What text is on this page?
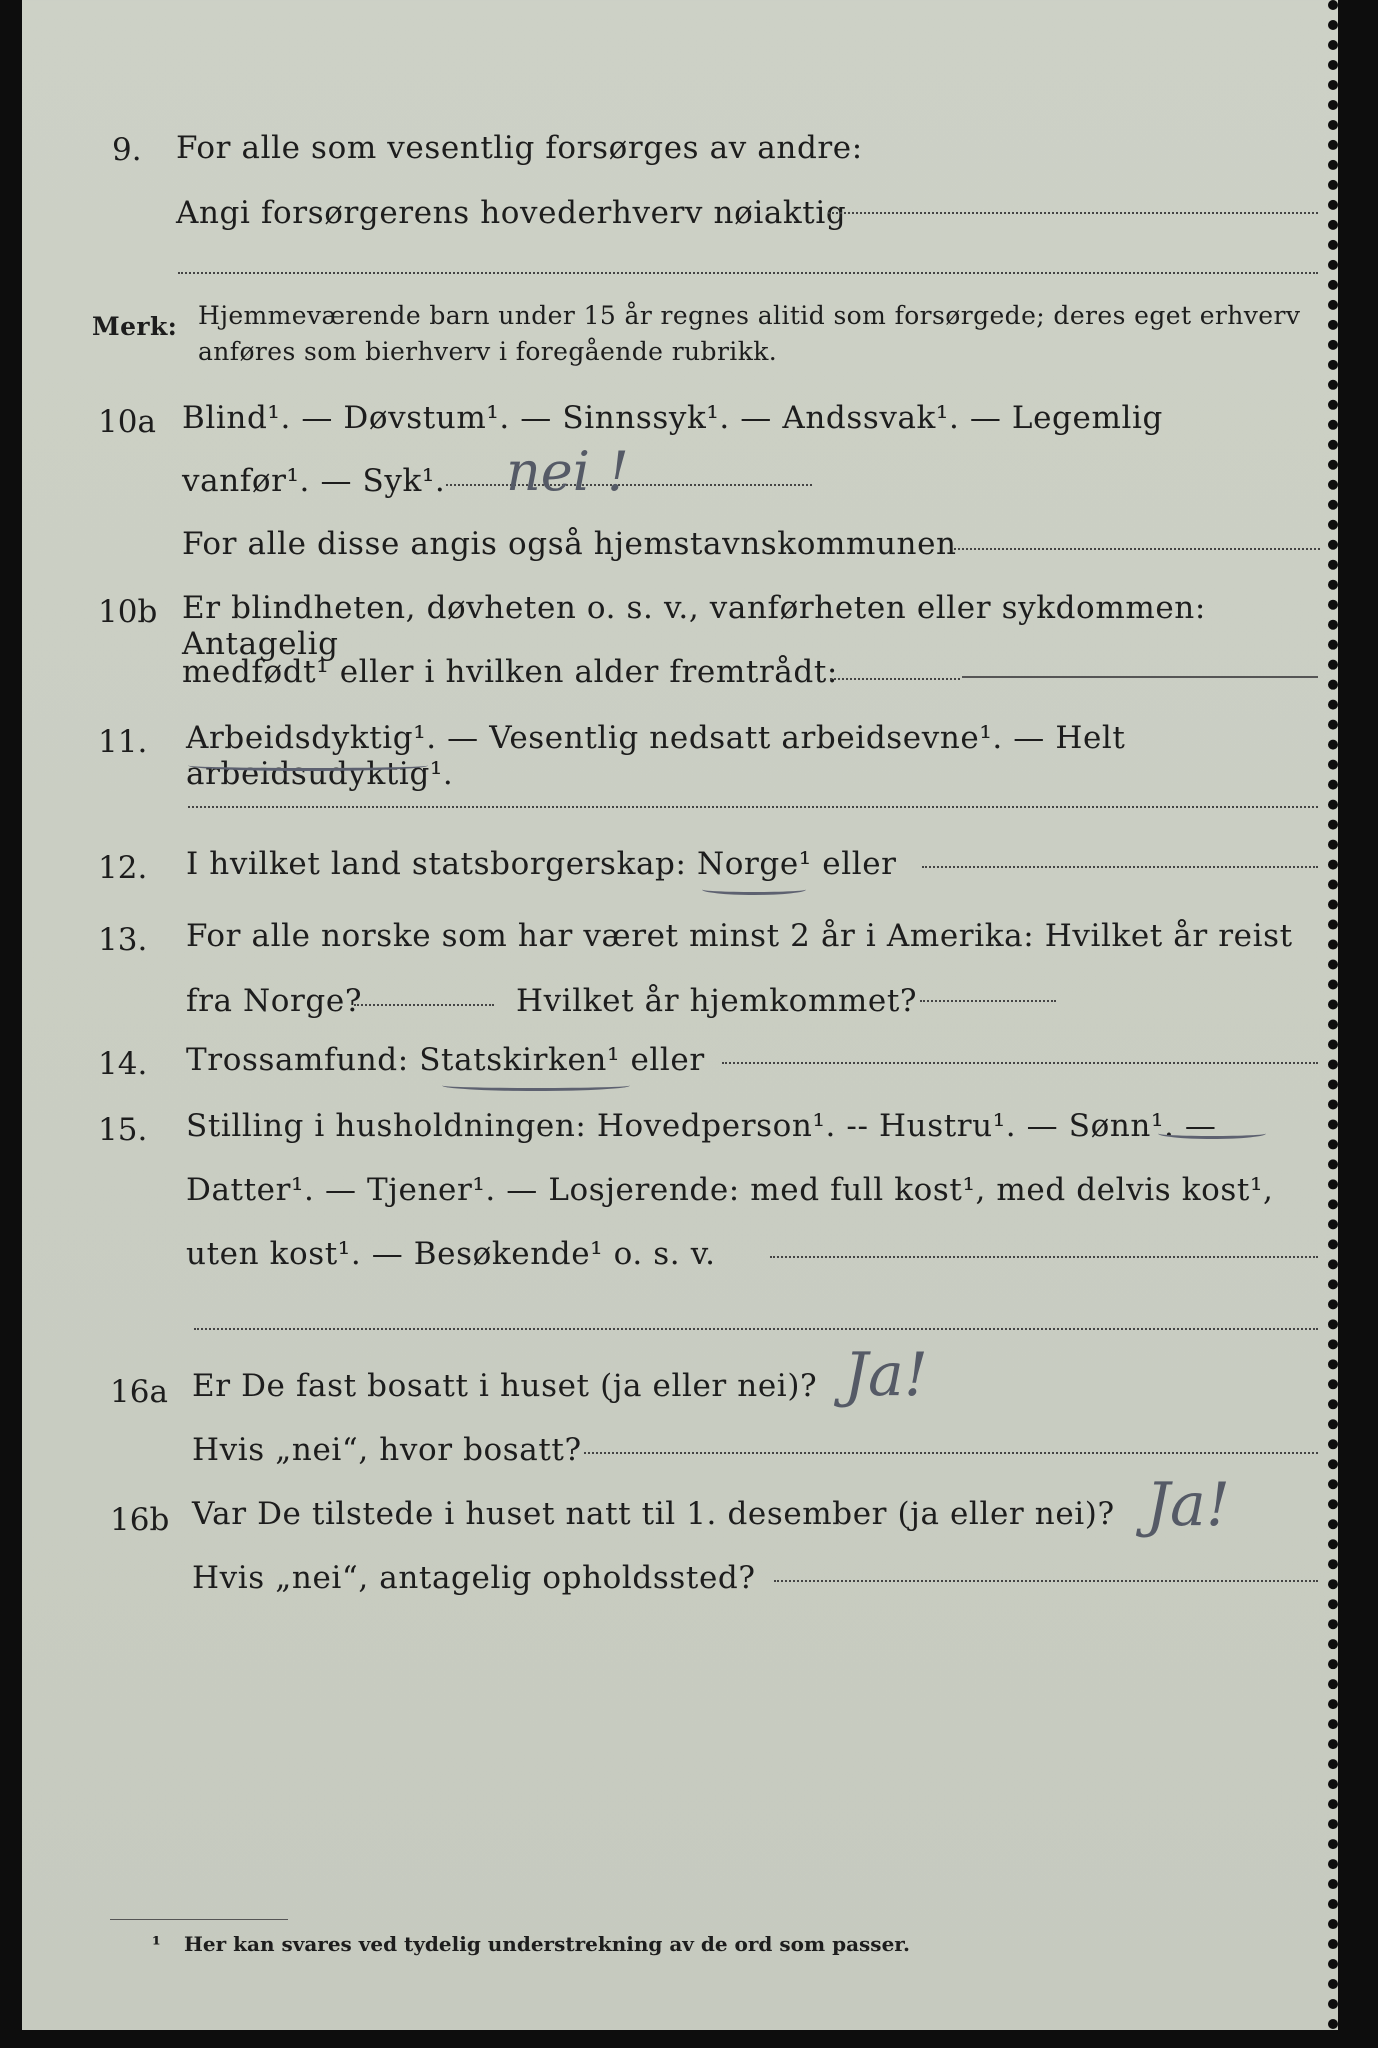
9. For alle som vesentlig forsørges av andre:
Angi forsørgerens hovederhverv nøiaktig
Merk: Hjemmeværende barn under 15 år regnes alitid som forsørgede; deres eget erhverv
anføres som bierhverv i foregående rubrikk.
10a Blind¹. — Døvstum¹. — Sinnssyk¹. — Andssvak¹. — Legemlig
vanfør¹. — Syk¹. nei !
For alle disse angis også hjemstavnskommunen
10b Er blindheten, døvheten o. s. v., vanførheten eller sykdommen: Antagelig
medfødt¹ eller i hvilken alder fremtrådt:
11. Arbeidsdyktig¹. — Vesentlig nedsatt arbeidsevne¹. — Helt arbeidsudyktig¹.
12. I hvilket land statsborgerskap: Norge¹ eller
13. For alle norske som har været minst 2 år i Amerika: Hvilket år reist
fra Norge?	Hvilket år hjemkommet?
14. Trossamfund: Statskirken¹ eller
15. Stilling i husholdningen: Hovedperson¹. -- Hustru¹. — Sønn¹. —
Datter¹. — Tjener¹. — Losjerende: med full kost¹, med delvis kost¹,
uten kost¹. — Besøkende¹ o. s. v.
16a Er De fast bosatt i huset (ja eller nei)? Ja!
Hvis „nei“, hvor bosatt?
16b Var De tilstede i huset natt til 1. desember (ja eller nei)? Ja!
Hvis „nei“, antagelig opholdssted?
¹ Her kan svares ved tydelig understrekning av de ord som passer.
